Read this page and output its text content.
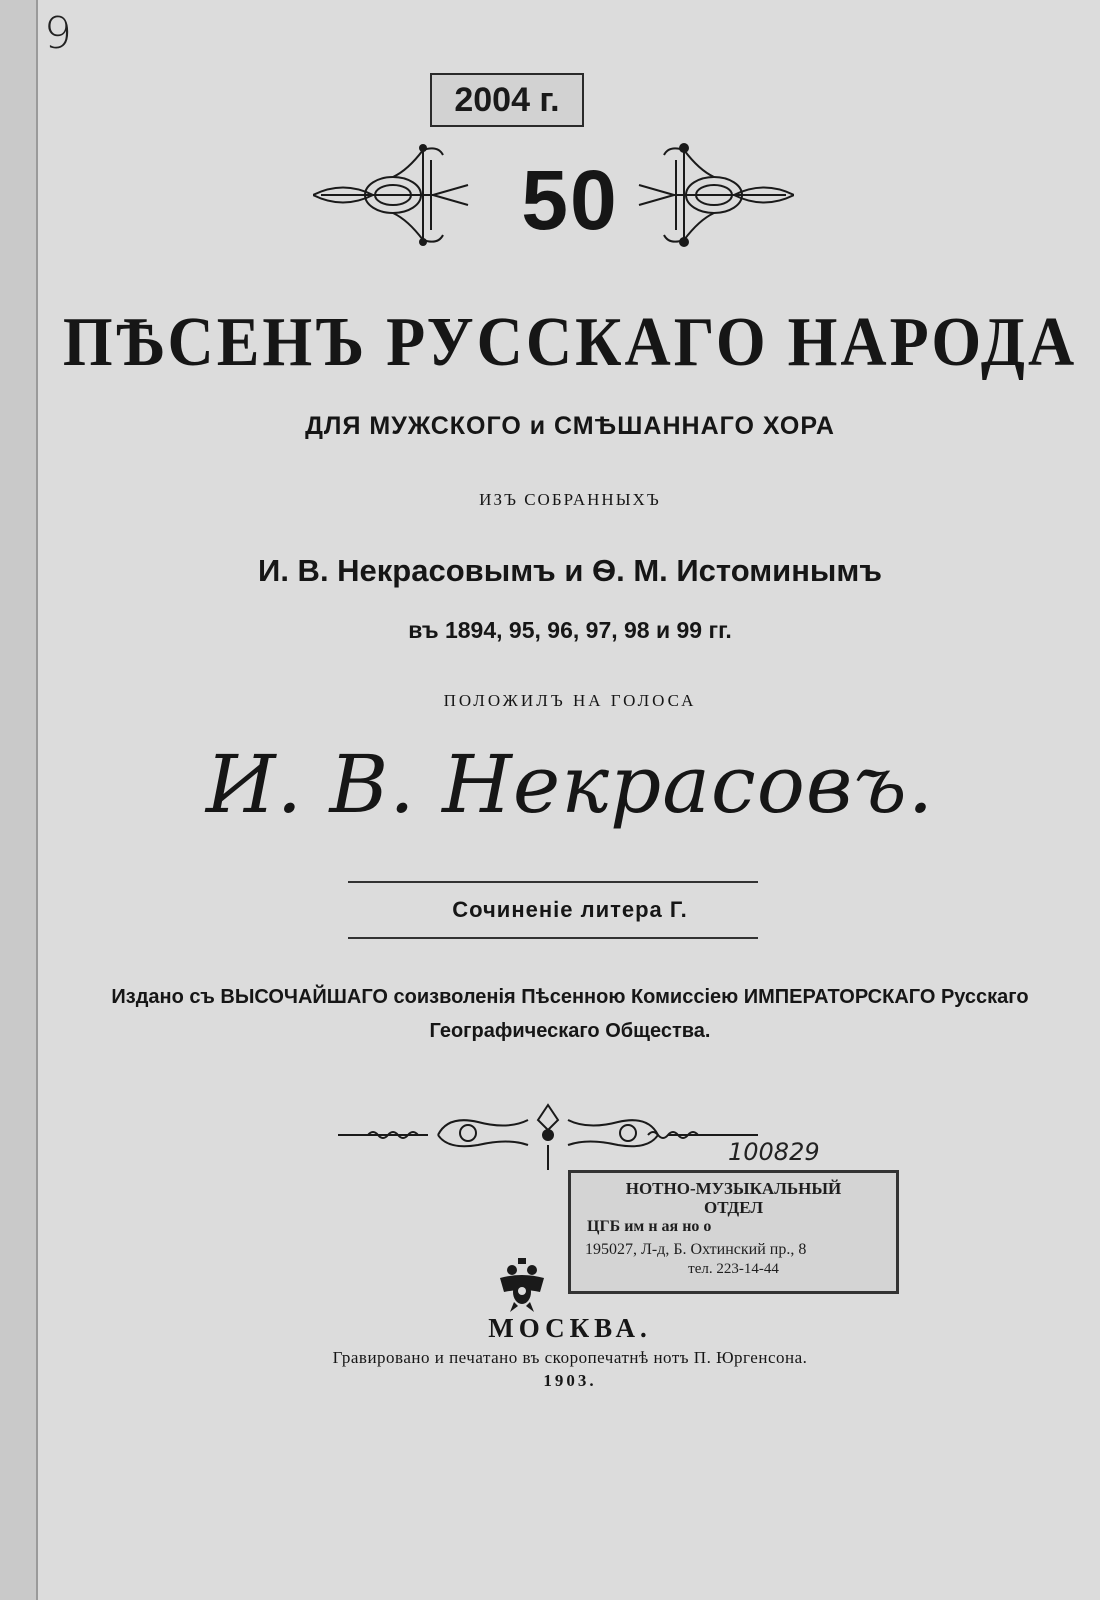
9
2004 г.
50
ПѢСЕНЪ РУССКАГО НАРОДА
ДЛЯ МУЖСКОГО и СМѢШАННАГО ХОРА
ИЗЪ СОБРАННЫХЪ
И. В. Некрасовымъ и Ѳ. М. Истоминымъ
въ 1894, 95, 96, 97, 98 и 99 гг.
ПОЛОЖИЛЪ НА ГОЛОСА
И. В. Некрасовъ.
Сочиненіе литера Г.
Издано съ ВЫСОЧАЙШАГО соизволенія Пѣсенною Комиссіею ИМПЕРАТОРСКАГО Русскаго
Географическаго Общества.
100829
НОТНО-МУЗЫКАЛЬНЫЙ
ОТДЕЛ
ЦГБ им н ая но о
195027, Л-д, Б. Охтинский пр., 8
тел. 223-14-44
МОСКВА.
Гравировано и печатано въ скоропечатнѣ нотъ П. Юргенсона.
1903.
